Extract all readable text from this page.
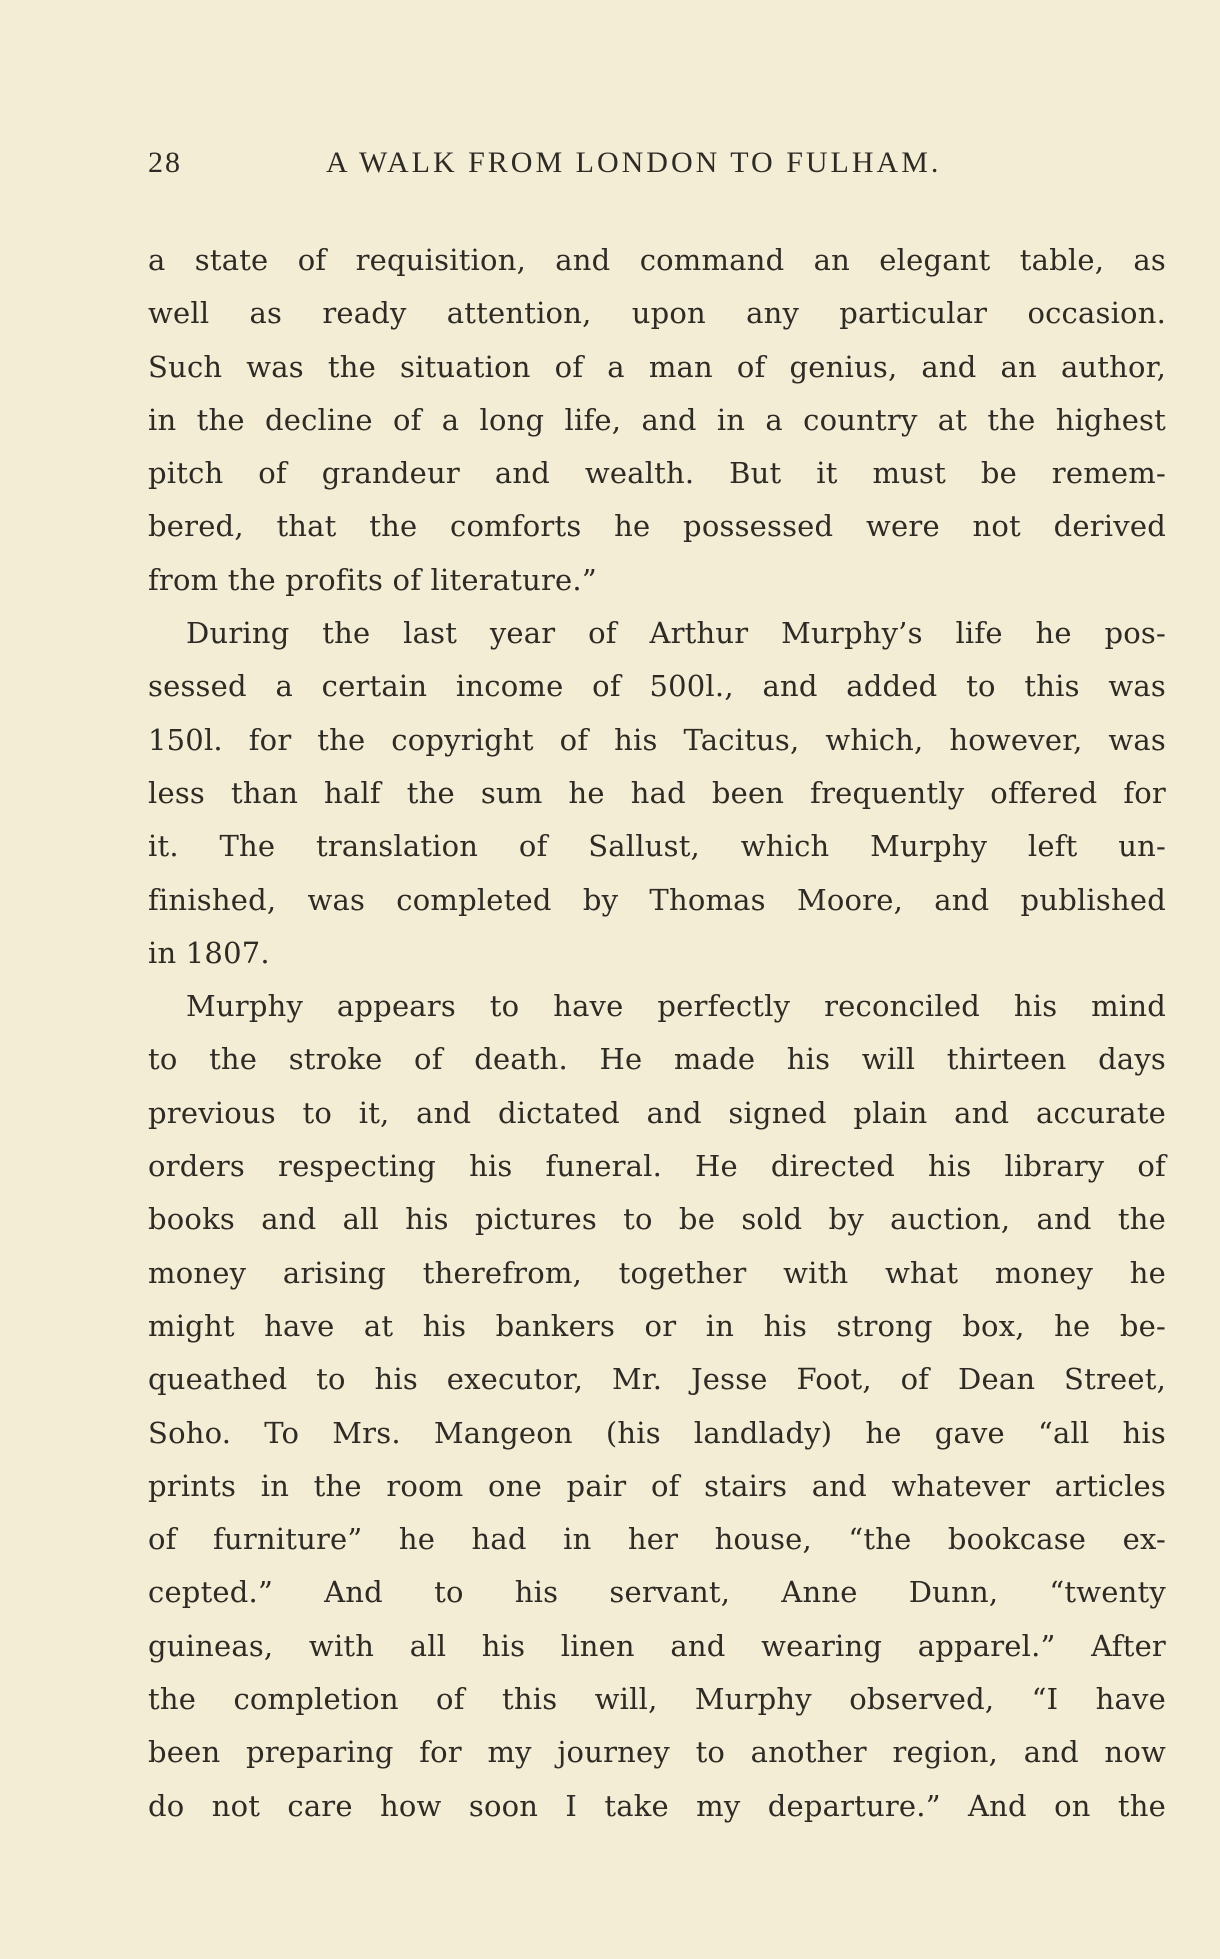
28	A WALK FROM LONDON TO FULHAM.
a state of requisition, and command an elegant table, as
well as ready attention, upon any particular occasion.
Such was the situation of a man of genius, and an author,
in the decline of a long life, and in a country at the highest
pitch of grandeur and wealth. But it must be remem-
bered, that the comforts he possessed were not derived
from the profits of literature.”
During the last year of Arthur Murphy’s life he pos-
sessed a certain income of 500l., and added to this was
150l. for the copyright of his Tacitus, which, however, was
less than half the sum he had been frequently offered for
it. The translation of Sallust, which Murphy left un-
finished, was completed by Thomas Moore, and published
in 1807.
Murphy appears to have perfectly reconciled his mind
to the stroke of death. He made his will thirteen days
previous to it, and dictated and signed plain and accurate
orders respecting his funeral. He directed his library of
books and all his pictures to be sold by auction, and the
money arising therefrom, together with what money he
might have at his bankers or in his strong box, he be-
queathed to his executor, Mr. Jesse Foot, of Dean Street,
Soho. To Mrs. Mangeon (his landlady) he gave “all his
prints in the room one pair of stairs and whatever articles
of furniture” he had in her house, “the bookcase ex-
cepted.” And to his servant, Anne Dunn, “twenty
guineas, with all his linen and wearing apparel.” After
the completion of this will, Murphy observed, “I have
been preparing for my journey to another region, and now
do not care how soon I take my departure.” And on the
